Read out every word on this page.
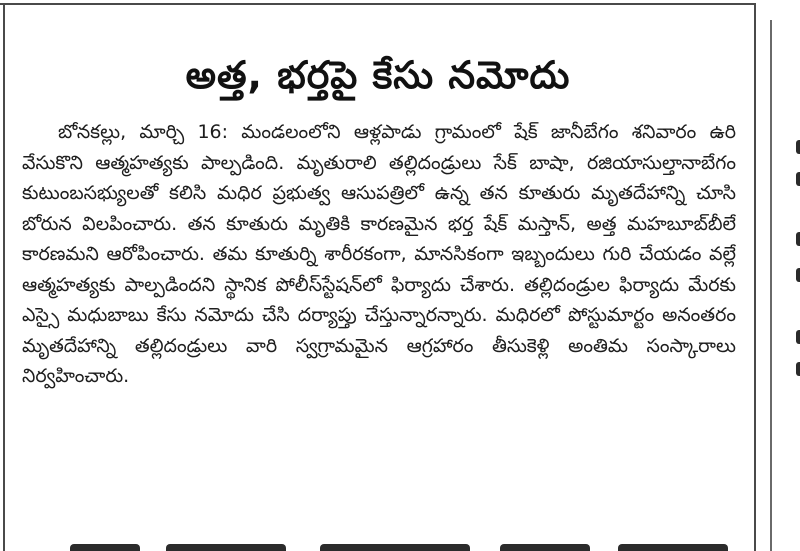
అత్త, భర్తపై కేసు నమోదు

బోనకల్లు, మార్చి 16: మండలంలోని ఆళ్లపాడు గ్రామంలో షేక్ జానీబేగం శనివారం ఉరి వేసుకొని ఆత్మహత్యకు పాల్పడింది. మృతురాలి తల్లిదండ్రులు సేక్ బాషా, రజియాసుల్తానాబేగం కుటుంబసభ్యులతో కలిసి మధిర ప్రభుత్వ ఆసుపత్రిలో ఉన్న తన కూతురు మృతదేహాన్ని చూసి బోరున విలపించారు. తన కూతురు మృతికి కారణమైన భర్త షేక్ మస్తాన్, అత్త మహబూబ్‌బీలే కారణమని ఆరోపించారు. తమ కూతుర్ని శారీరకంగా, మానసికంగా ఇబ్బందులు గురి చేయడం వల్లే ఆత్మహత్యకు పాల్పడిందని స్థానిక పోలీస్‌స్టేషన్‌లో ఫిర్యాదు చేశారు. తల్లిదండ్రుల ఫిర్యాదు మేరకు ఎస్సై మధుబాబు కేసు నమోదు చేసి దర్యాప్తు చేస్తున్నారన్నారు. మధిరలో పోస్టుమార్టం అనంతరం మృతదేహాన్ని తల్లిదండ్రులు వారి స్వగ్రామమైన ఆగ్రహారం తీసుకెళ్లి అంతిమ సంస్కారాలు నిర్వహించారు.
